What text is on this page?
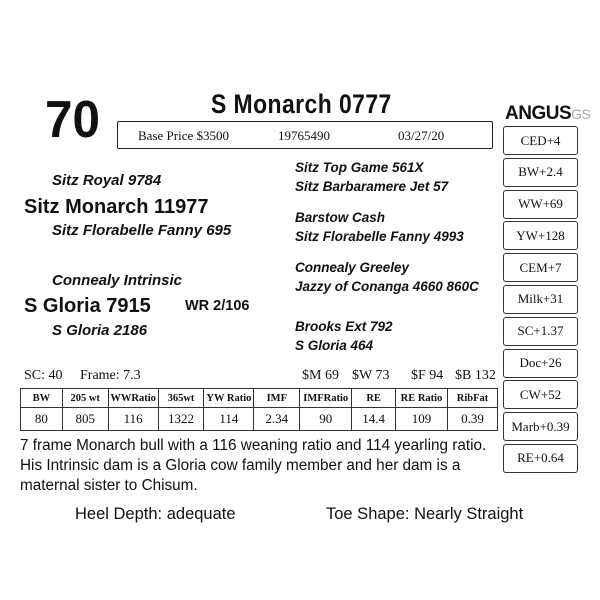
70	S Monarch 0777
Base Price $3500	19765490	03/27/20
Sitz Royal 9784
Sitz Monarch 11977
Sitz Florabelle Fanny 695
Sitz Top Game 561X
Sitz Barbaramere Jet 57
Barstow Cash
Sitz Florabelle Fanny 4993
Connealy Intrinsic
S Gloria 7915 WR 2/106
S Gloria 2186
Connealy Greeley
Jazzy of Conanga 4660 860C
Brooks Ext 792
S Gloria 464
ANGUSGS
CED+4
BW+2.4
WW+69
YW+128
CEM+7
Milk+31
SC+1.37
Doc+26
CW+52
Marb+0.39
RE+0.64
SC: 40 Frame: 7.3	$M 69 $W 73 $F 94 $B 132
BW	205 wt	WWRatio	365wt	YW Ratio	IMF	IMFRatio	RE	RE Ratio	RibFat
80	805	116	1322	114	2.34	90	14.4	109	0.39
7 frame Monarch bull with a 116 weaning ratio and 114 yearling ratio. His Intrinsic dam is a Gloria cow family member and her dam is a maternal sister to Chisum.
Heel Depth: adequate	Toe Shape: Nearly Straight
